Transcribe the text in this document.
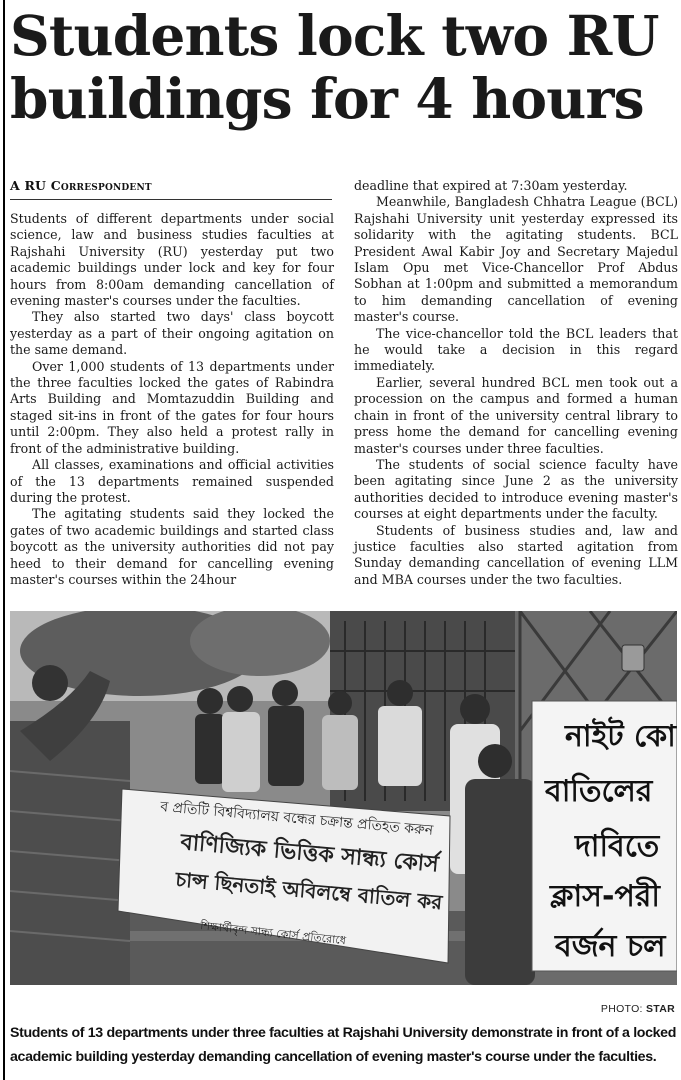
Students lock two RU buildings for 4 hours
A RU Correspondent

Students of different departments under social science, law and business studies faculties at Rajshahi University (RU) yesterday put two academic buildings under lock and key for four hours from 8:00am demanding cancellation of evening master's courses under the faculties.

They also started two days' class boycott yesterday as a part of their ongoing agitation on the same demand.

Over 1,000 students of 13 departments under the three faculties locked the gates of Rabindra Arts Building and Momtazuddin Building and staged sit-ins in front of the gates for four hours until 2:00pm. They also held a protest rally in front of the administrative building.

All classes, examinations and official activities of the 13 departments remained suspended during the protest.

The agitating students said they locked the gates of two academic buildings and started class boycott as the university authorities did not pay heed to their demand for cancelling evening master's courses within the 24hour

deadline that expired at 7:30am yesterday.

Meanwhile, Bangladesh Chhatra League (BCL) Rajshahi University unit yesterday expressed its solidarity with the agitating students. BCL President Awal Kabir Joy and Secretary Majedul Islam Opu met Vice-Chancellor Prof Abdus Sobhan at 1:00pm and submitted a memorandum to him demanding cancellation of evening master's course.

The vice-chancellor told the BCL leaders that he would take a decision in this regard immediately.

Earlier, several hundred BCL men took out a procession on the campus and formed a human chain in front of the university central library to press home the demand for cancelling evening master's courses under three faculties.

The students of social science faculty have been agitating since June 2 as the university authorities decided to introduce evening master's courses at eight departments under the faculty.

Students of business studies and, law and justice faculties also started agitation from Sunday demanding cancellation of evening LLM and MBA courses under the two faculties.

ব প্রতিটি বিশ্ববিদ্যালয় বন্ধের চক্রান্ত প্রতিহত করুন
বাণিজ্যিক ভিত্তিক সান্ধ্য কোর্স
চান্স ছিনতাই অবিলম্বে বাতিল কর
শিক্ষার্থীবৃন্দ সান্ধ্য কোর্স প্রতিরোধে
নাইট কো
বাতিলের
দাবিতে
ক্লাস-পরী
বর্জন চল
PHOTO: STAR

Students of 13 departments under three faculties at Rajshahi University demonstrate in front of a locked academic building yesterday demanding cancellation of evening master's course under the faculties.
